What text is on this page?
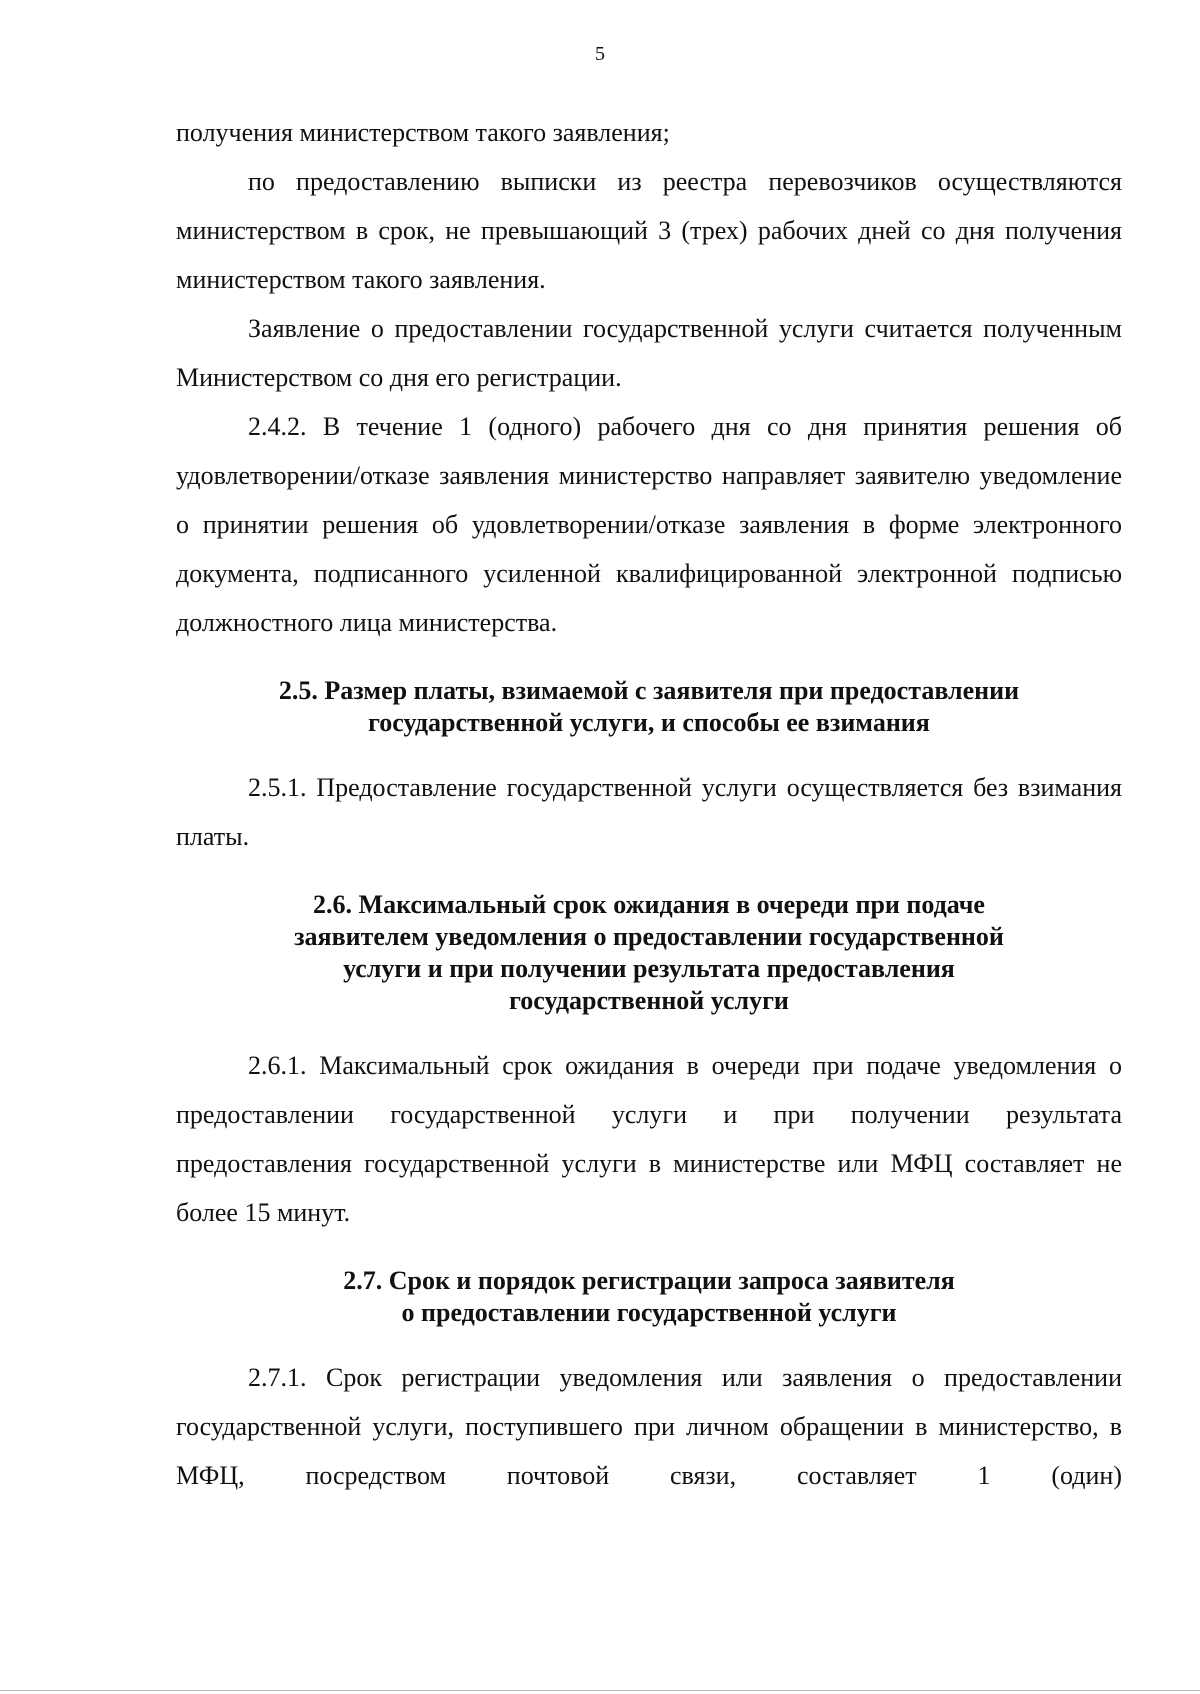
5

получения министерством такого заявления;

по предоставлению выписки из реестра перевозчиков осуществляются министерством в срок, не превышающий 3 (трех) рабочих дней со дня получения министерством такого заявления.

Заявление о предоставлении государственной услуги считается полученным Министерством со дня его регистрации.

2.4.2. В течение 1 (одного) рабочего дня со дня принятия решения об удовлетворении/отказе заявления министерство направляет заявителю уведомление о принятии решения об удовлетворении/отказе заявления в форме электронного документа, подписанного усиленной квалифицированной электронной подписью должностного лица министерства.

2.5. Размер платы, взимаемой с заявителя при предоставлении
государственной услуги, и способы ее взимания

2.5.1. Предоставление государственной услуги осуществляется без взимания платы.

2.6. Максимальный срок ожидания в очереди при подаче
заявителем уведомления о предоставлении государственной
услуги и при получении результата предоставления
государственной услуги

2.6.1. Максимальный срок ожидания в очереди при подаче уведомления о предоставлении государственной услуги и при получении результата предоставления государственной услуги в министерстве или МФЦ составляет не более 15 минут.

2.7. Срок и порядок регистрации запроса заявителя
о предоставлении государственной услуги

2.7.1. Срок регистрации уведомления или заявления о предоставлении государственной услуги, поступившего при личном обращении в министерство, в МФЦ, посредством почтовой связи, составляет 1 (один)
